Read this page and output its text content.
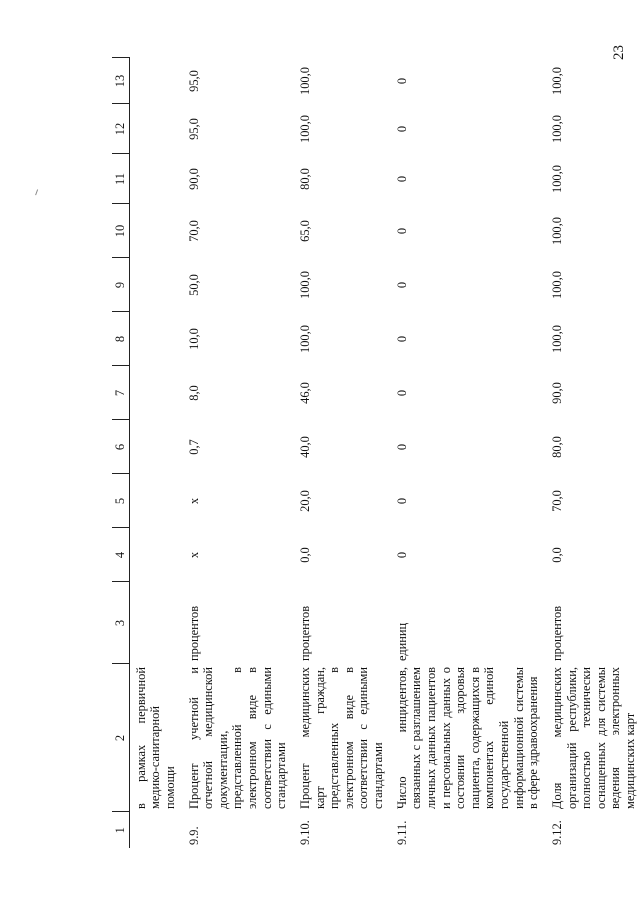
23
1	2	3	4	5	6	7	8	9	10	11	12	13
	в рамках первичной медико-санитарной помощи											
9.9.	Процент учетной и отчетной медицинской документации, представленной в электронном виде в соответствии с едиными стандартами	процентов	x	x	0,7	8,0	10,0	50,0	70,0	90,0	95,0	95,0
9.10.	Процент медицинских карт граждан, представленных в электронном виде в соответствии с едиными стандартами	процентов	0,0	20,0	40,0	46,0	100,0	100,0	65,0	80,0	100,0	100,0
9.11.	Число инцидентов, связанных с разглашением личных данных пациентов и персональных данных о состоянии здоровья пациента, содержащихся в компонентах единой государственной информационной системы в сфере здравоохранения	единиц	0	0	0	0	0	0	0	0	0	0
9.12.	Доля медицинских организаций республики, полностью технически оснащенных для системы ведения электронных медицинских карт	процентов	0,0	70,0	80,0	90,0	100,0	100,0	100,0	100,0	100,0	100,0
